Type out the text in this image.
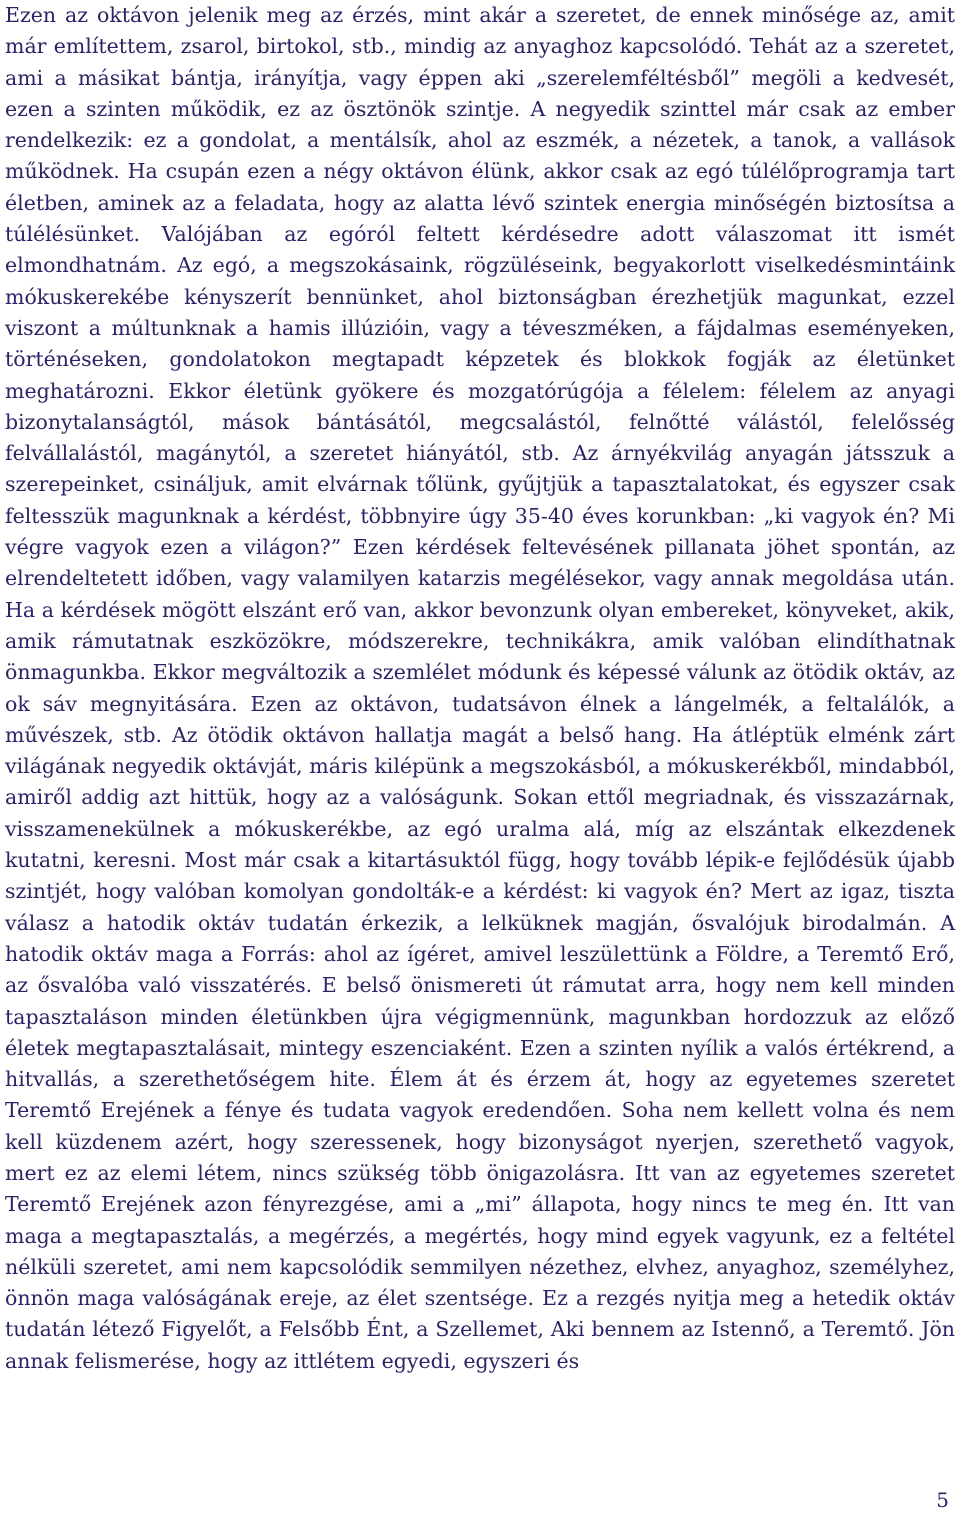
Ezen az oktávon jelenik meg az érzés, mint akár a szeretet, de ennek minősége az, amit már említettem, zsarol, birtokol, stb., mindig az anyaghoz kapcsolódó. Tehát az a szeretet, ami a másikat bántja, irányítja, vagy éppen aki „szerelemféltésből” megöli a kedvesét, ezen a szinten működik, ez az ösztönök szintje. A negyedik szinttel már csak az ember rendelkezik: ez a gondolat, a mentálsík, ahol az eszmék, a nézetek, a tanok, a vallások működnek. Ha csupán ezen a négy oktávon élünk, akkor csak az egó túlélőprogramja tart életben, aminek az a feladata, hogy az alatta lévő szintek energia minőségén biztosítsa a túlélésünket. Valójában az egóról feltett kérdésedre adott válaszomat itt ismét elmondhatnám. Az egó, a megszokásaink, rögzüléseink, begyakorlott viselkedésmintáink mókuskerekébe kényszerít bennünket, ahol biztonságban érezhetjük magunkat, ezzel viszont a múltunknak a hamis illúzióin, vagy a téveszméken, a fájdalmas eseményeken, történéseken, gondolatokon megtapadt képzetek és blokkok fogják az életünket meghatározni. Ekkor életünk gyökere és mozgatórúgója a félelem: félelem az anyagi bizonytalanságtól, mások bántásától, megcsalástól, felnőtté válástól, felelősség felvállalástól, magánytól, a szeretet hiányától, stb. Az árnyékvilág anyagán játsszuk a szerepeinket, csináljuk, amit elvárnak tőlünk, gyűjtjük a tapasztalatokat, és egyszer csak feltesszük magunknak a kérdést, többnyire úgy 35-40 éves korunkban: „ki vagyok én? Mi végre vagyok ezen a világon?” Ezen kérdések feltevésének pillanata jöhet spontán, az elrendeltetett időben, vagy valamilyen katarzis megélésekor, vagy annak megoldása után. Ha a kérdések mögött elszánt erő van, akkor bevonzunk olyan embereket, könyveket, akik, amik rámutatnak eszközökre, módszerekre, technikákra, amik valóban elindíthatnak önmagunkba. Ekkor megváltozik a szemlélet módunk és képessé válunk az ötödik oktáv, az ok sáv megnyitására. Ezen az oktávon, tudatsávon élnek a lángelmék, a feltalálók, a művészek, stb. Az ötödik oktávon hallatja magát a belső hang. Ha átléptük elménk zárt világának negyedik oktávját, máris kilépünk a megszokásból, a mókuskerékből, mindabból, amiről addig azt hittük, hogy az a valóságunk. Sokan ettől megriadnak, és visszazárnak, visszamenekülnek a mókuskerékbe, az egó uralma alá, míg az elszántak elkezdenek kutatni, keresni. Most már csak a kitartásuktól függ, hogy tovább lépik-e fejlődésük újabb szintjét, hogy valóban komolyan gondolták-e a kérdést: ki vagyok én? Mert az igaz, tiszta válasz a hatodik oktáv tudatán érkezik, a lelküknek magján, ősvalójuk birodalmán. A hatodik oktáv maga a Forrás: ahol az ígéret, amivel leszülettünk a Földre, a Teremtő Erő, az ősvalóba való visszatérés. E belső önismereti út rámutat arra, hogy nem kell minden tapasztaláson minden életünkben újra végigmennünk, magunkban hordozzuk az előző életek megtapasztalásait, mintegy eszenciaként. Ezen a szinten nyílik a valós értékrend, a hitvallás, a szerethetőségem hite. Élem át és érzem át, hogy az egyetemes szeretet Teremtő Erejének a fénye és tudata vagyok eredendően. Soha nem kellett volna és nem kell küzdenem azért, hogy szeressenek, hogy bizonyságot nyerjen, szerethető vagyok, mert ez az elemi létem, nincs szükség több önigazolásra. Itt van az egyetemes szeretet Teremtő Erejének azon fényrezgése, ami a „mi” állapota, hogy nincs te meg én. Itt van maga a megtapasztalás, a megérzés, a megértés, hogy mind egyek vagyunk, ez a feltétel nélküli szeretet, ami nem kapcsolódik semmilyen nézethez, elvhez, anyaghoz, személyhez, önnön maga valóságának ereje, az élet szentsége. Ez a rezgés nyitja meg a hetedik oktáv tudatán létező Figyelőt, a Felsőbb Ént, a Szellemet, Aki bennem az Istennő, a Teremtő. Jön annak felismerése, hogy az ittlétem egyedi, egyszeri és

5
